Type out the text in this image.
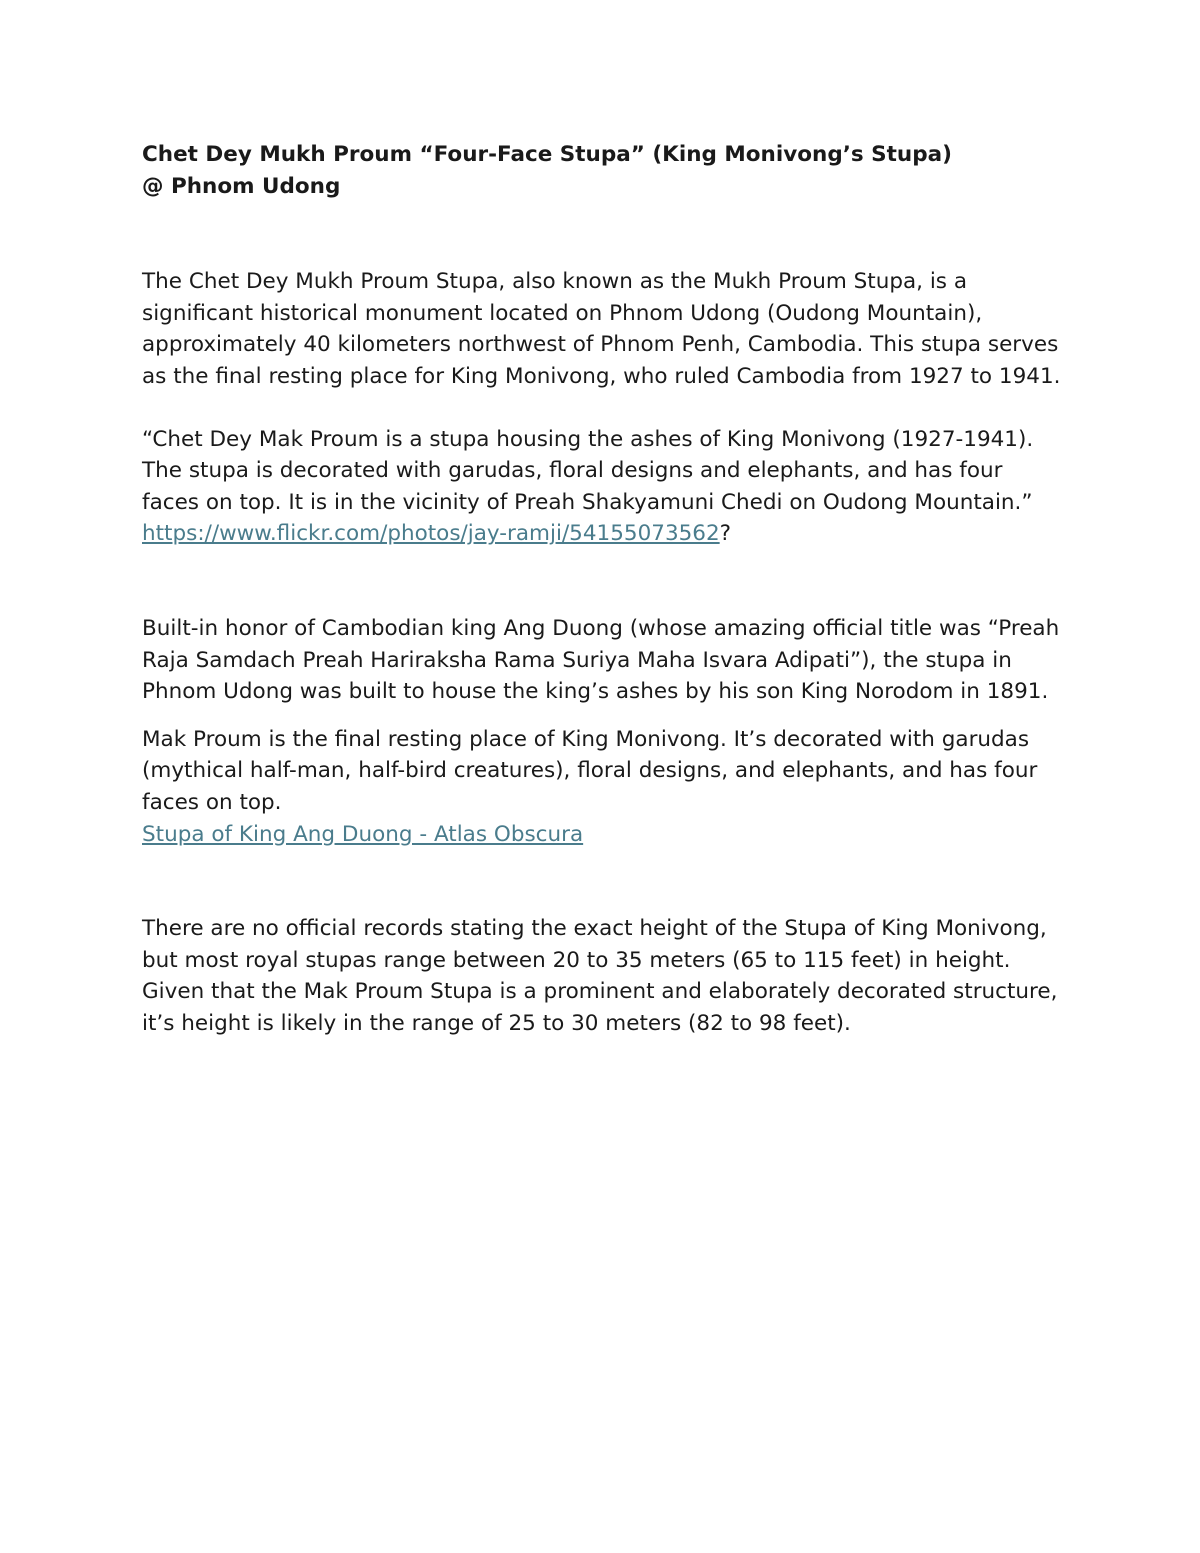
Chet Dey Mukh Proum “Four-Face Stupa” (King Monivong’s Stupa)
@ Phnom Udong

The Chet Dey Mukh Proum Stupa, also known as the Mukh Proum Stupa, is a significant historical monument located on Phnom Udong (Oudong Mountain), approximately 40 kilometers northwest of Phnom Penh, Cambodia. This stupa serves as the final resting place for King Monivong, who ruled Cambodia from 1927 to 1941.

“Chet Dey Mak Proum is a stupa housing the ashes of King Monivong (1927-1941). The stupa is decorated with garudas, floral designs and elephants, and has four faces on top. It is in the vicinity of Preah Shakyamuni Chedi on Oudong Mountain.” https://www.flickr.com/photos/jay-ramji/54155073562?

Built-in honor of Cambodian king Ang Duong (whose amazing official title was “Preah Raja Samdach Preah Hariraksha Rama Suriya Maha Isvara Adipati”), the stupa in Phnom Udong was built to house the king’s ashes by his son King Norodom in 1891.

Mak Proum is the final resting place of King Monivong. It’s decorated with garudas (mythical half-man, half-bird creatures), floral designs, and elephants, and has four faces on top.
Stupa of King Ang Duong - Atlas Obscura

There are no official records stating the exact height of the Stupa of King Monivong, but most royal stupas range between 20 to 35 meters (65 to 115 feet) in height. Given that the Mak Proum Stupa is a prominent and elaborately decorated structure, it’s height is likely in the range of 25 to 30 meters (82 to 98 feet).
